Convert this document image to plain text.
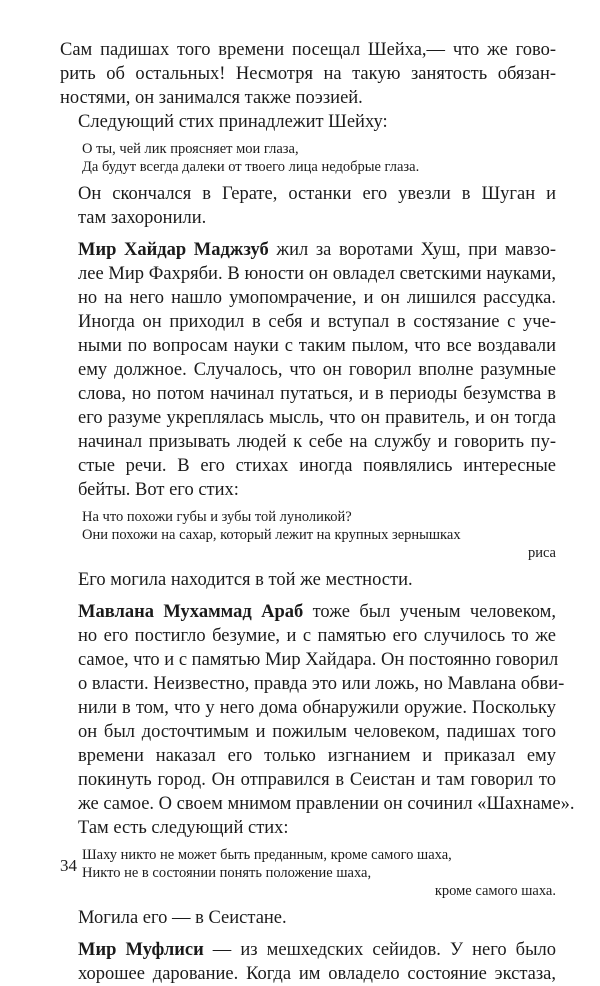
Сам падишах того времени посещал Шейха,— что же гово-
рить об остальных! Несмотря на такую занятость обязан-
ностями, он занимался также поэзией.
Следующий стих принадлежит Шейху:
О ты, чей лик проясняет мои глаза,
Да будут всегда далеки от твоего лица недобрые глаза.
Он скончался в Герате, останки его увезли в Шуган и
там захоронили.
Мир Хайдар Маджзуб жил за воротами Хуш, при мавзо-
лее Мир Фахряби. В юности он овладел светскими науками,
но на него нашло умопомрачение, и он лишился рассудка.
Иногда он приходил в себя и вступал в состязание с уче-
ными по вопросам науки с таким пылом, что все воздавали
ему должное. Случалось, что он говорил вполне разумные
слова, но потом начинал путаться, и в периоды безумства в
его разуме укреплялась мысль, что он правитель, и он тогда
начинал призывать людей к себе на службу и говорить пу-
стые речи. В его стихах иногда появлялись интересные
бейты. Вот его стих:
На что похожи губы и зубы той луноликой?
Они похожи на сахар, который лежит на крупных зернышках
риса
Его могила находится в той же местности.
Мавлана Мухаммад Араб тоже был ученым человеком,
но его постигло безумие, и с памятью его случилось то же
самое, что и с памятью Мир Хайдара. Он постоянно говорил
о власти. Неизвестно, правда это или ложь, но Мавлана обви-
нили в том, что у него дома обнаружили оружие. Поскольку
он был досточтимым и пожилым человеком, падишах того
времени наказал его только изгнанием и приказал ему
покинуть город. Он отправился в Сеистан и там говорил то
же самое. О своем мнимом правлении он сочинил «Шахнаме».
Там есть следующий стих:
Шаху никто не может быть преданным, кроме самого шаха,
Никто не в состоянии понять положение шаха,
кроме самого шаха.
Могила его — в Сеистане.
Мир Муфлиси — из мешхедских сейидов. У него было
хорошее дарование. Когда им овладело состояние экстаза,
34
